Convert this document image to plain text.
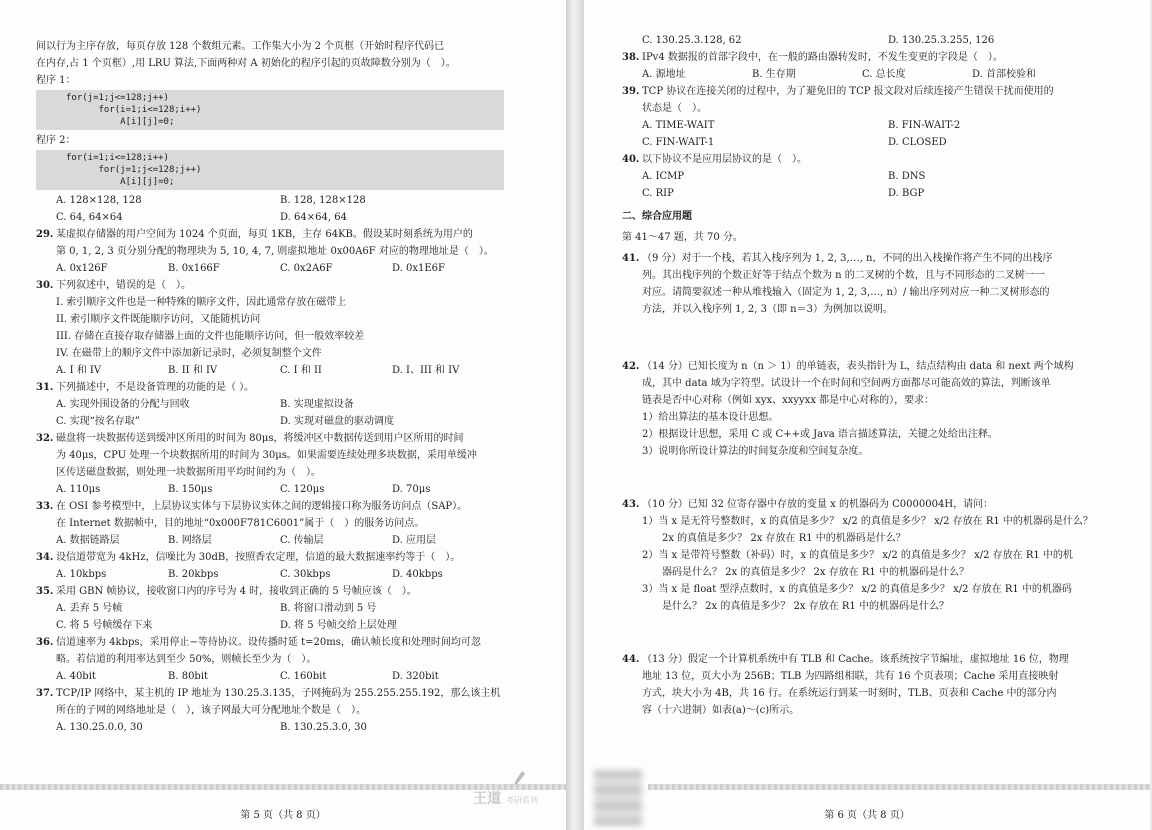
间以行为主序存放，每页存放 128 个数组元素。工作集大小为 2 个页框（开始时程序代码已
在内存,占 1 个页框）,用 LRU 算法,下面两种对 A 初始化的程序引起的页故障数分别为（　）。
程序 1：
for(j=1;j<=128;j++)
for(i=1;i<=128;i++)
A[i][j]=0;
程序 2：
for(i=1;i<=128;i++)
for(j=1;j<=128;j++)
A[i][j]=0;
A. 128×128, 128	B. 128, 128×128
C. 64, 64×64	D. 64×64, 64
29. 某虚拟存储器的用户空间为 1024 个页面，每页 1KB，主存 64KB。假设某时刻系统为用户的
第 0, 1, 2, 3 页分别分配的物理块为 5, 10, 4, 7, 则虚拟地址 0x00A6F 对应的物理地址是（　）。
A. 0x126F	B. 0x166F	C. 0x2A6F	D. 0x1E6F
30. 下列叙述中，错误的是（　）。
I. 索引顺序文件也是一种特殊的顺序文件，因此通常存放在磁带上
II. 索引顺序文件既能顺序访问，又能随机访问
III. 存储在直接存取存储器上面的文件也能顺序访问，但一般效率较差
IV. 在磁带上的顺序文件中添加新记录时，必须复制整个文件
A. I 和 IV	B. II 和 IV	C. I 和 II	D. I、III 和 IV
31. 下列描述中，不是设备管理的功能的是（ ）。
A. 实现外围设备的分配与回收	B. 实现虚拟设备
C. 实现“按名存取”	D. 实现对磁盘的驱动调度
32. 磁盘将一块数据传送到缓冲区所用的时间为 80μs，将缓冲区中数据传送到用户区所用的时间
为 40μs，CPU 处理一个块数据所用的时间为 30μs。如果需要连续处理多块数据，采用单缓冲
区传送磁盘数据，则处理一块数据所用平均时间约为（　）。
A. 110μs	B. 150μs	C. 120μs	D. 70μs
33. 在 OSI 参考模型中，上层协议实体与下层协议实体之间的逻辑接口称为服务访问点（SAP）。
在 Internet 数据帧中，目的地址“0x000F781C6001”属于（　）的服务访问点。
A. 数据链路层	B. 网络层	C. 传输层	D. 应用层
34. 设信道带宽为 4kHz，信噪比为 30dB，按照香农定理，信道的最大数据速率约等于（　）。
A. 10kbps	B. 20kbps	C. 30kbps	D. 40kbps
35. 采用 GBN 帧协议，接收窗口内的序号为 4 时，接收到正确的 5 号帧应该（　）。
A. 丢弃 5 号帧	B. 将窗口滑动到 5 号
C. 将 5 号帧缓存下来	D. 将 5 号帧交给上层处理
36. 信道速率为 4kbps，采用停止−等待协议。设传播时延 t=20ms，确认帧长度和处理时间均可忽
略。若信道的利用率达到至少 50%，则帧长至少为（　）。
A. 40bit	B. 80bit	C. 160bit	D. 320bit
37. TCP/IP 网络中，某主机的 IP 地址为 130.25.3.135，子网掩码为 255.255.255.192，那么该主机
所在的子网的网络地址是（　），该子网最大可分配地址个数是（　）。
A. 130.25.0.0, 30	B. 130.25.3.0, 30
王道 考研系列
第 5 页（共 8 页）
C. 130.25.3.128, 62	D. 130.25.3.255, 126
38. IPv4 数据报的首部字段中，在一般的路由器转发时，不发生变更的字段是（　）。
A. 源地址	B. 生存期	C. 总长度	D. 首部校验和
39. TCP 协议在连接关闭的过程中，为了避免旧的 TCP 报文段对后续连接产生错误干扰而使用的
状态是（　）。
A. TIME-WAIT	B. FIN-WAIT-2
C. FIN-WAIT-1	D. CLOSED
40. 以下协议不是应用层协议的是（　）。
A. ICMP	B. DNS
C. RIP	D. BGP
二、综合应用题
第 41～47 题，共 70 分。
41. （9 分）对于一个栈，若其入栈序列为 1, 2, 3,…, n，不同的出入栈操作将产生不同的出栈序
列。其出栈序列的个数正好等于结点个数为 n 的二叉树的个数，且与不同形态的二叉树一一
对应。请简要叙述一种从堆栈输入（固定为 1, 2, 3,…, n）/ 输出序列对应一种二叉树形态的
方法，并以入栈序列 1, 2, 3（即 n＝3）为例加以说明。
42. （14 分）已知长度为 n（n ＞ 1）的单链表，表头指针为 L，结点结构由 data 和 next 两个域构
成，其中 data 域为字符型。试设计一个在时间和空间两方面都尽可能高效的算法，判断该单
链表是否中心对称（例如 xyx、xxyyxx 都是中心对称的），要求：
1）给出算法的基本设计思想。
2）根据设计思想，采用 C 或 C++或 Java 语言描述算法，关键之处给出注释。
3）说明你所设计算法的时间复杂度和空间复杂度。
43. （10 分）已知 32 位寄存器中存放的变量 x 的机器码为 C0000004H，请问：
1）当 x 是无符号整数时，x 的真值是多少？ x/2 的真值是多少？ x/2 存放在 R1 中的机器码是什么？
2x 的真值是多少？ 2x 存放在 R1 中的机器码是什么？
2）当 x 是带符号整数（补码）时，x 的真值是多少？ x/2 的真值是多少？ x/2 存放在 R1 中的机
器码是什么？ 2x 的真值是多少？ 2x 存放在 R1 中的机器码是什么？
3）当 x 是 float 型浮点数时，x 的真值是多少？ x/2 的真值是多少？ x/2 存放在 R1 中的机器码
是什么？ 2x 的真值是多少？ 2x 存放在 R1 中的机器码是什么？
44. （13 分）假定一个计算机系统中有 TLB 和 Cache。该系统按字节编址，虚拟地址 16 位，物理
地址 13 位，页大小为 256B；TLB 为四路组相联，共有 16 个页表项；Cache 采用直接映射
方式，块大小为 4B，共 16 行。在系统运行到某一时刻时，TLB、页表和 Cache 中的部分内
容（十六进制）如表(a)～(c)所示。
第 6 页（共 8 页）
